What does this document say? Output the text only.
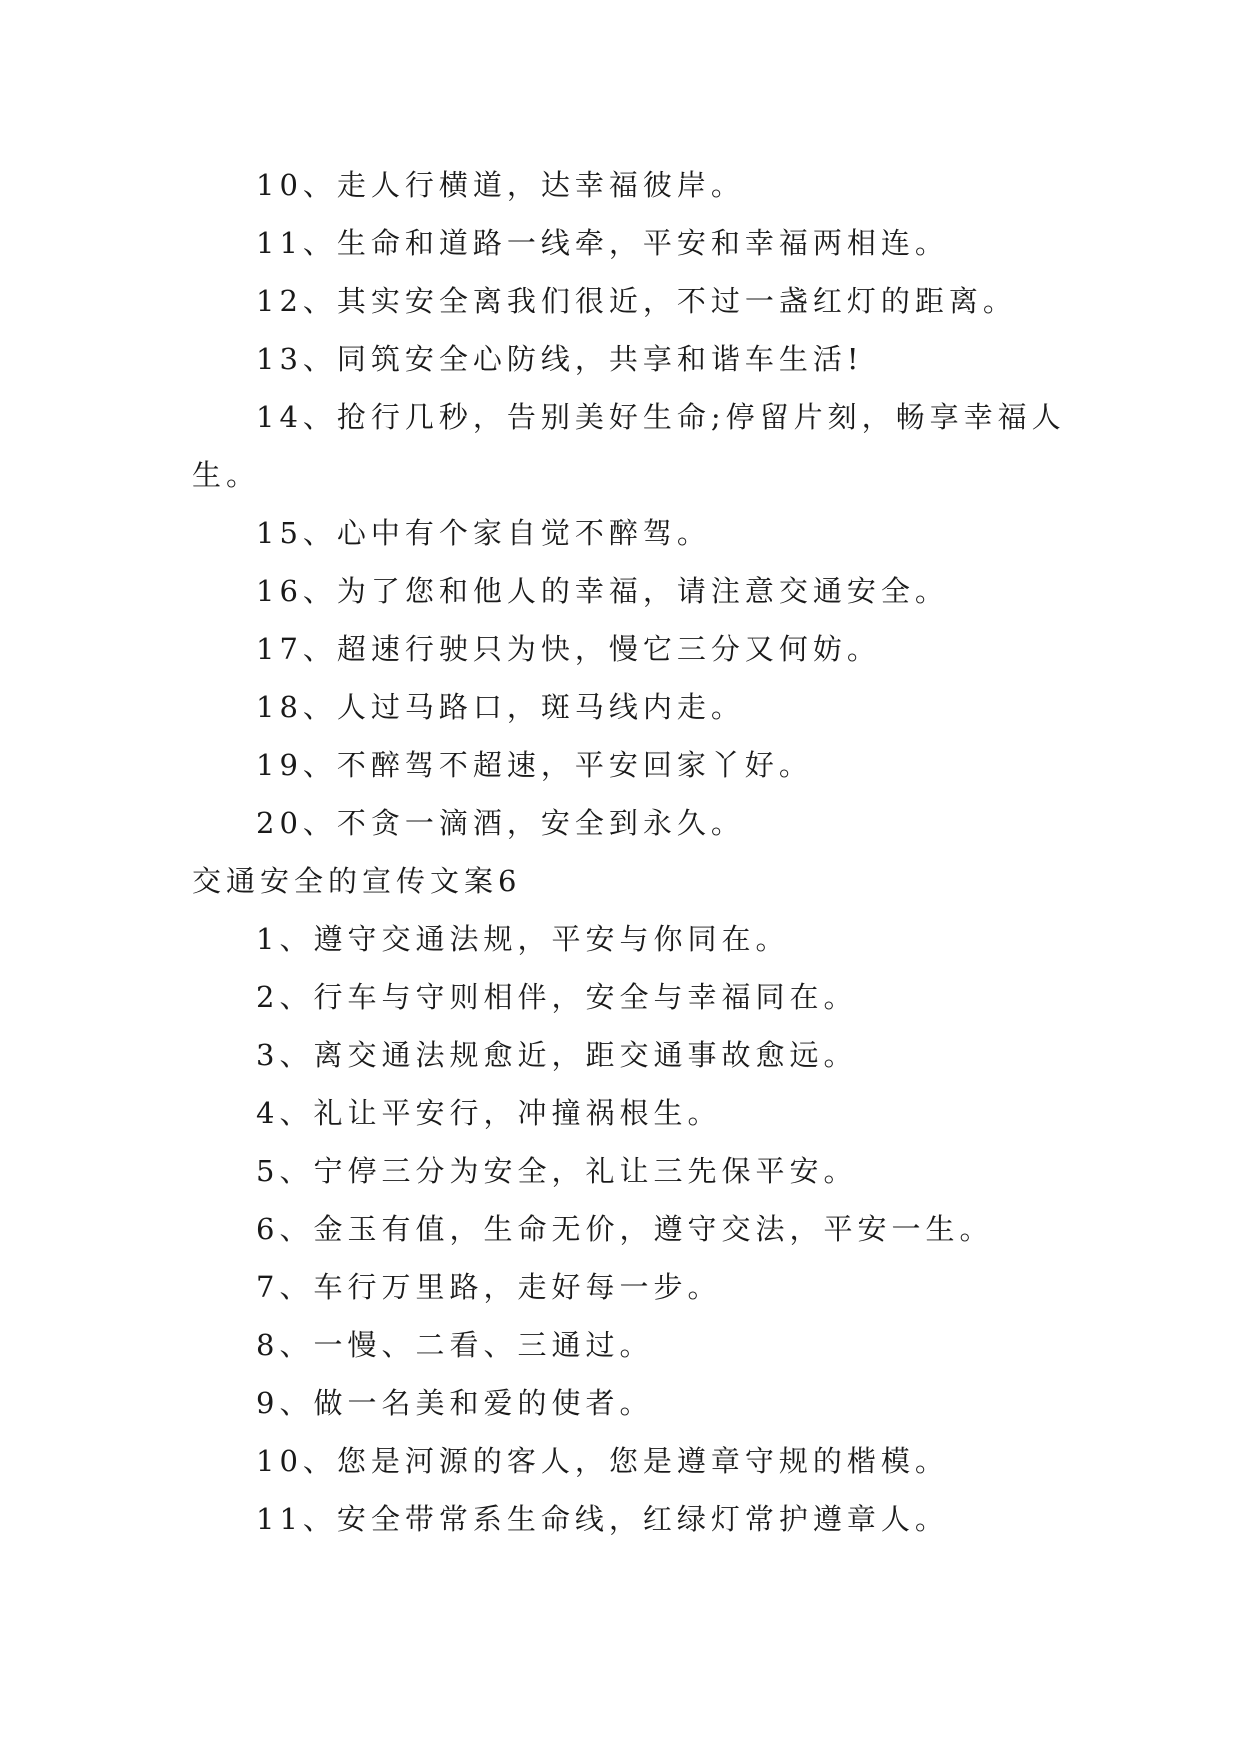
10、走人行横道，达幸福彼岸。
11、生命和道路一线牵，平安和幸福两相连。
12、其实安全离我们很近，不过一盏红灯的距离。
13、同筑安全心防线，共享和谐车生活!
14、抢行几秒，告别美好生命;停留片刻，畅享幸福人
生。
15、心中有个家自觉不醉驾。
16、为了您和他人的幸福，请注意交通安全。
17、超速行驶只为快，慢它三分又何妨。
18、人过马路口，斑马线内走。
19、不醉驾不超速，平安回家丫好。
20、不贪一滴酒，安全到永久。
交通安全的宣传文案6
1、遵守交通法规，平安与你同在。
2、行车与守则相伴，安全与幸福同在。
3、离交通法规愈近，距交通事故愈远。
4、礼让平安行，冲撞祸根生。
5、宁停三分为安全，礼让三先保平安。
6、金玉有值，生命无价，遵守交法，平安一生。
7、车行万里路，走好每一步。
8、一慢、二看、三通过。
9、做一名美和爱的使者。
10、您是河源的客人，您是遵章守规的楷模。
11、安全带常系生命线，红绿灯常护遵章人。
